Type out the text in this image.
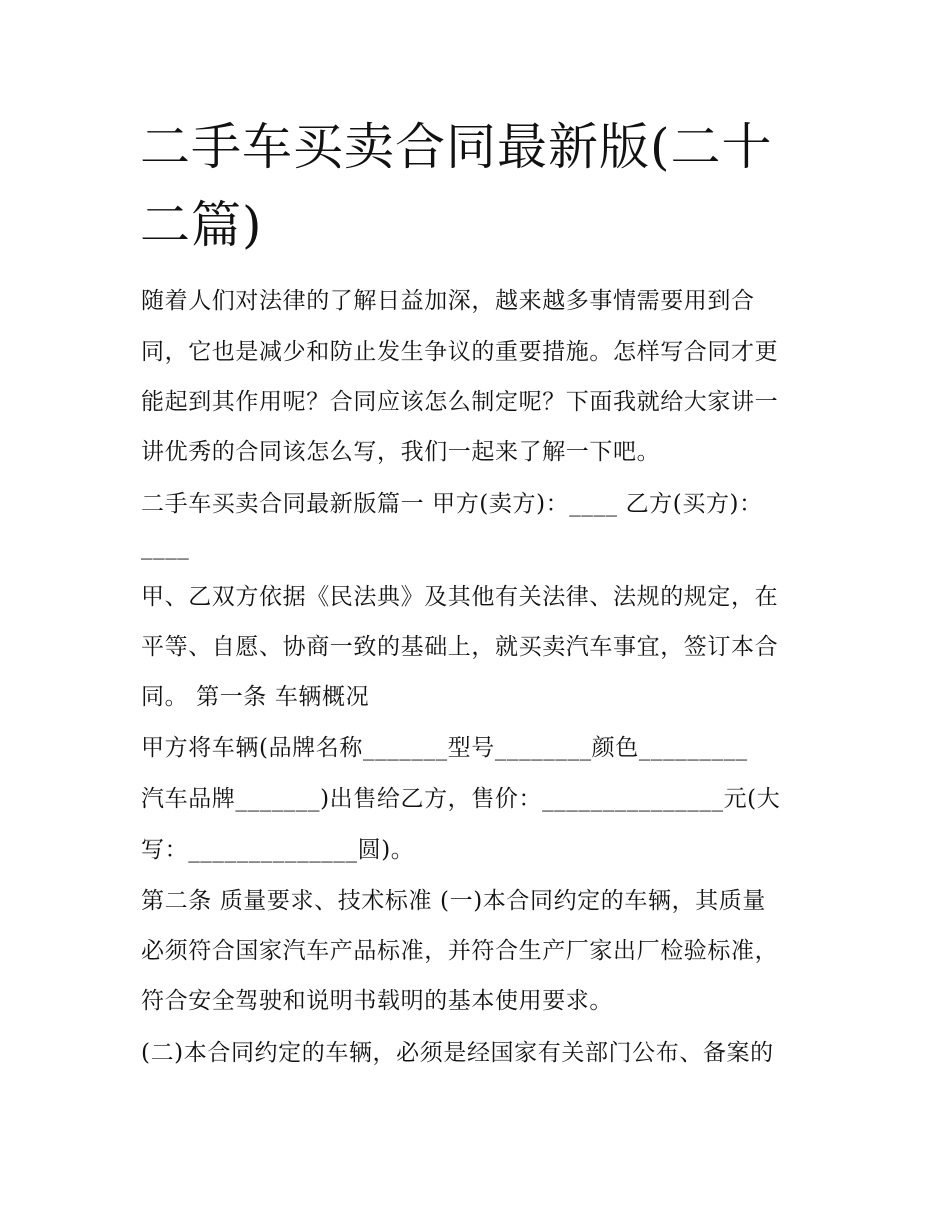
二手车买卖合同最新版(二十二篇)

随着人们对法律的了解日益加深，越来越多事情需要用到合

同，它也是减少和防止发生争议的重要措施。怎样写合同才更

能起到其作用呢？合同应该怎么制定呢？下面我就给大家讲一

讲优秀的合同该怎么写，我们一起来了解一下吧。

二手车买卖合同最新版篇一 甲方(卖方)：____ 乙方(买方)：

____

甲、乙双方依据《民法典》及其他有关法律、法规的规定，在

平等、自愿、协商一致的基础上，就买卖汽车事宜，签订本合

同。 第一条 车辆概况

甲方将车辆(品牌名称_______型号________颜色_________

汽车品牌_______)出售给乙方，售价：_______________元(大

写：______________圆)。

第二条 质量要求、技术标准 (一)本合同约定的车辆，其质量

必须符合国家汽车产品标准，并符合生产厂家出厂检验标准，

符合安全驾驶和说明书载明的基本使用要求。

(二)本合同约定的车辆，必须是经国家有关部门公布、备案的
